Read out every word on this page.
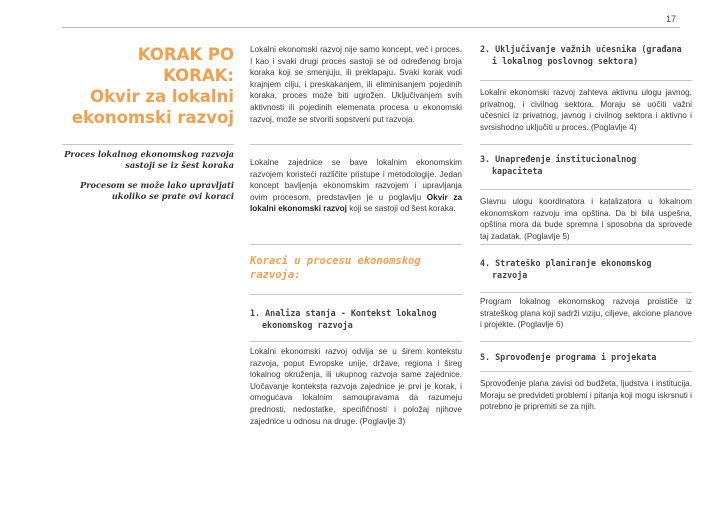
17
KORAK PO KORAK:
Okvir za lokalni
ekonomski razvoj
Proces lokalnog ekonomskog razvoja sastoji se iz šest koraka
Procesom se može lako upravljati ukoliko se prate ovi koraci
Lokalni ekonomski razvoj nije samo koncept, već i proces. I kao i svaki drugi proces sastoji se od određenog broja koraka koji se smenjuju, ili preklapaju. Svaki korak vodi krajnjem cilju, i preskakanjem, ili eliminisanjem pojedinih koraka, proces može biti ugrožen. Uključivanjem svih aktivnosti ili pojedinih elemenata procesa u ekonomski razvoj, može se stvoriti sopstveni put razvoja.
Lokalne zajednice se bave lokalnim ekonomskim razvojem koristeći različite pristupe i metodologije. Jedan koncept bavljenja ekonomskim razvojem i upravljanja ovim procesom, predstavljen je u poglavlju Okvir za lokalni ekonomski razvoj koji se sastoji od šest koraka.
Koraci u procesu ekonomskog razvoja:
1. Analiza stanja - Kontekst lokalnog
ekonomskog razvoja
Lokalni ekonomski razvoj odvija se u širem kontekstu razvoja, poput Evropske unije, države, regiona i šireg lokalnog okruženja, ili ukupnog razvoja same zajednice. Uočavanje konteksta razvoja zajednice je prvi je korak, i omogućava lokalnim samoupravama da razumeju prednosti, nedostatke, specifičnosti i položaj njihove zajednice u odnosu na druge. (Poglavlje 3)
2. Uključivanje važnih učesnika (građana
i lokalnog poslovnog sektora)
Lokalni ekonomski razvoj zahteva aktivnu ulogu javnog, privatnog, i civilnog sektora. Moraju se uočiti važni učesnici iz privatnog, javnog i civilnog sektora i aktivno i svrsishodno uključiti u proces. (Poglavlje 4)
3. Unapređenje institucionalnog
kapaciteta
Glavnu ulogu koordinatora i katalizatora u lokalnom ekonomskom razvoju ima opština. Da bi bila uspešna, opština mora da bude spremna i sposobna da sprovede taj zadatak. (Poglavlje 5)
4. Strateško planiranje ekonomskog
razvoja
Program lokalnog ekonomskog razvoja proističe iz strateškog plana koji sadrži viziju, ciljeve, akcione planove i projekte. (Poglavlje 6)
5. Sprovođenje programa i projekata
Sprovođenje plana zavisi od budžeta, ljudstva i institucija. Moraju se predvideti problemi i pitanja koji mogu iskrsnuti i potrebno je pripremiti se za njih.
